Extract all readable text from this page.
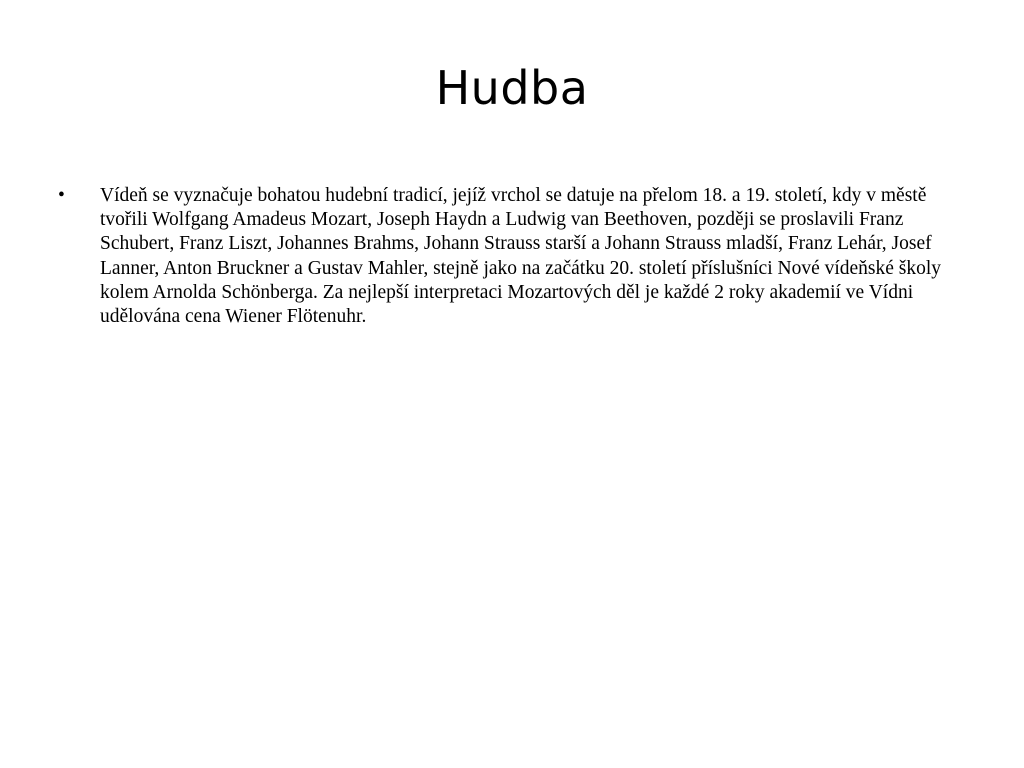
Hudba
•	Vídeň se vyznačuje bohatou hudební tradicí, jejíž vrchol se datuje na přelom 18. a 19. století, kdy v městě tvořili Wolfgang Amadeus Mozart, Joseph Haydn a Ludwig van Beethoven, později se proslavili Franz Schubert, Franz Liszt, Johannes Brahms, Johann Strauss starší a Johann Strauss mladší, Franz Lehár, Josef Lanner, Anton Bruckner a Gustav Mahler, stejně jako na začátku 20. století příslušníci Nové vídeňské školy kolem Arnolda Schönberga. Za nejlepší interpretaci Mozartových děl je každé 2 roky akademií ve Vídni udělována cena Wiener Flötenuhr.
